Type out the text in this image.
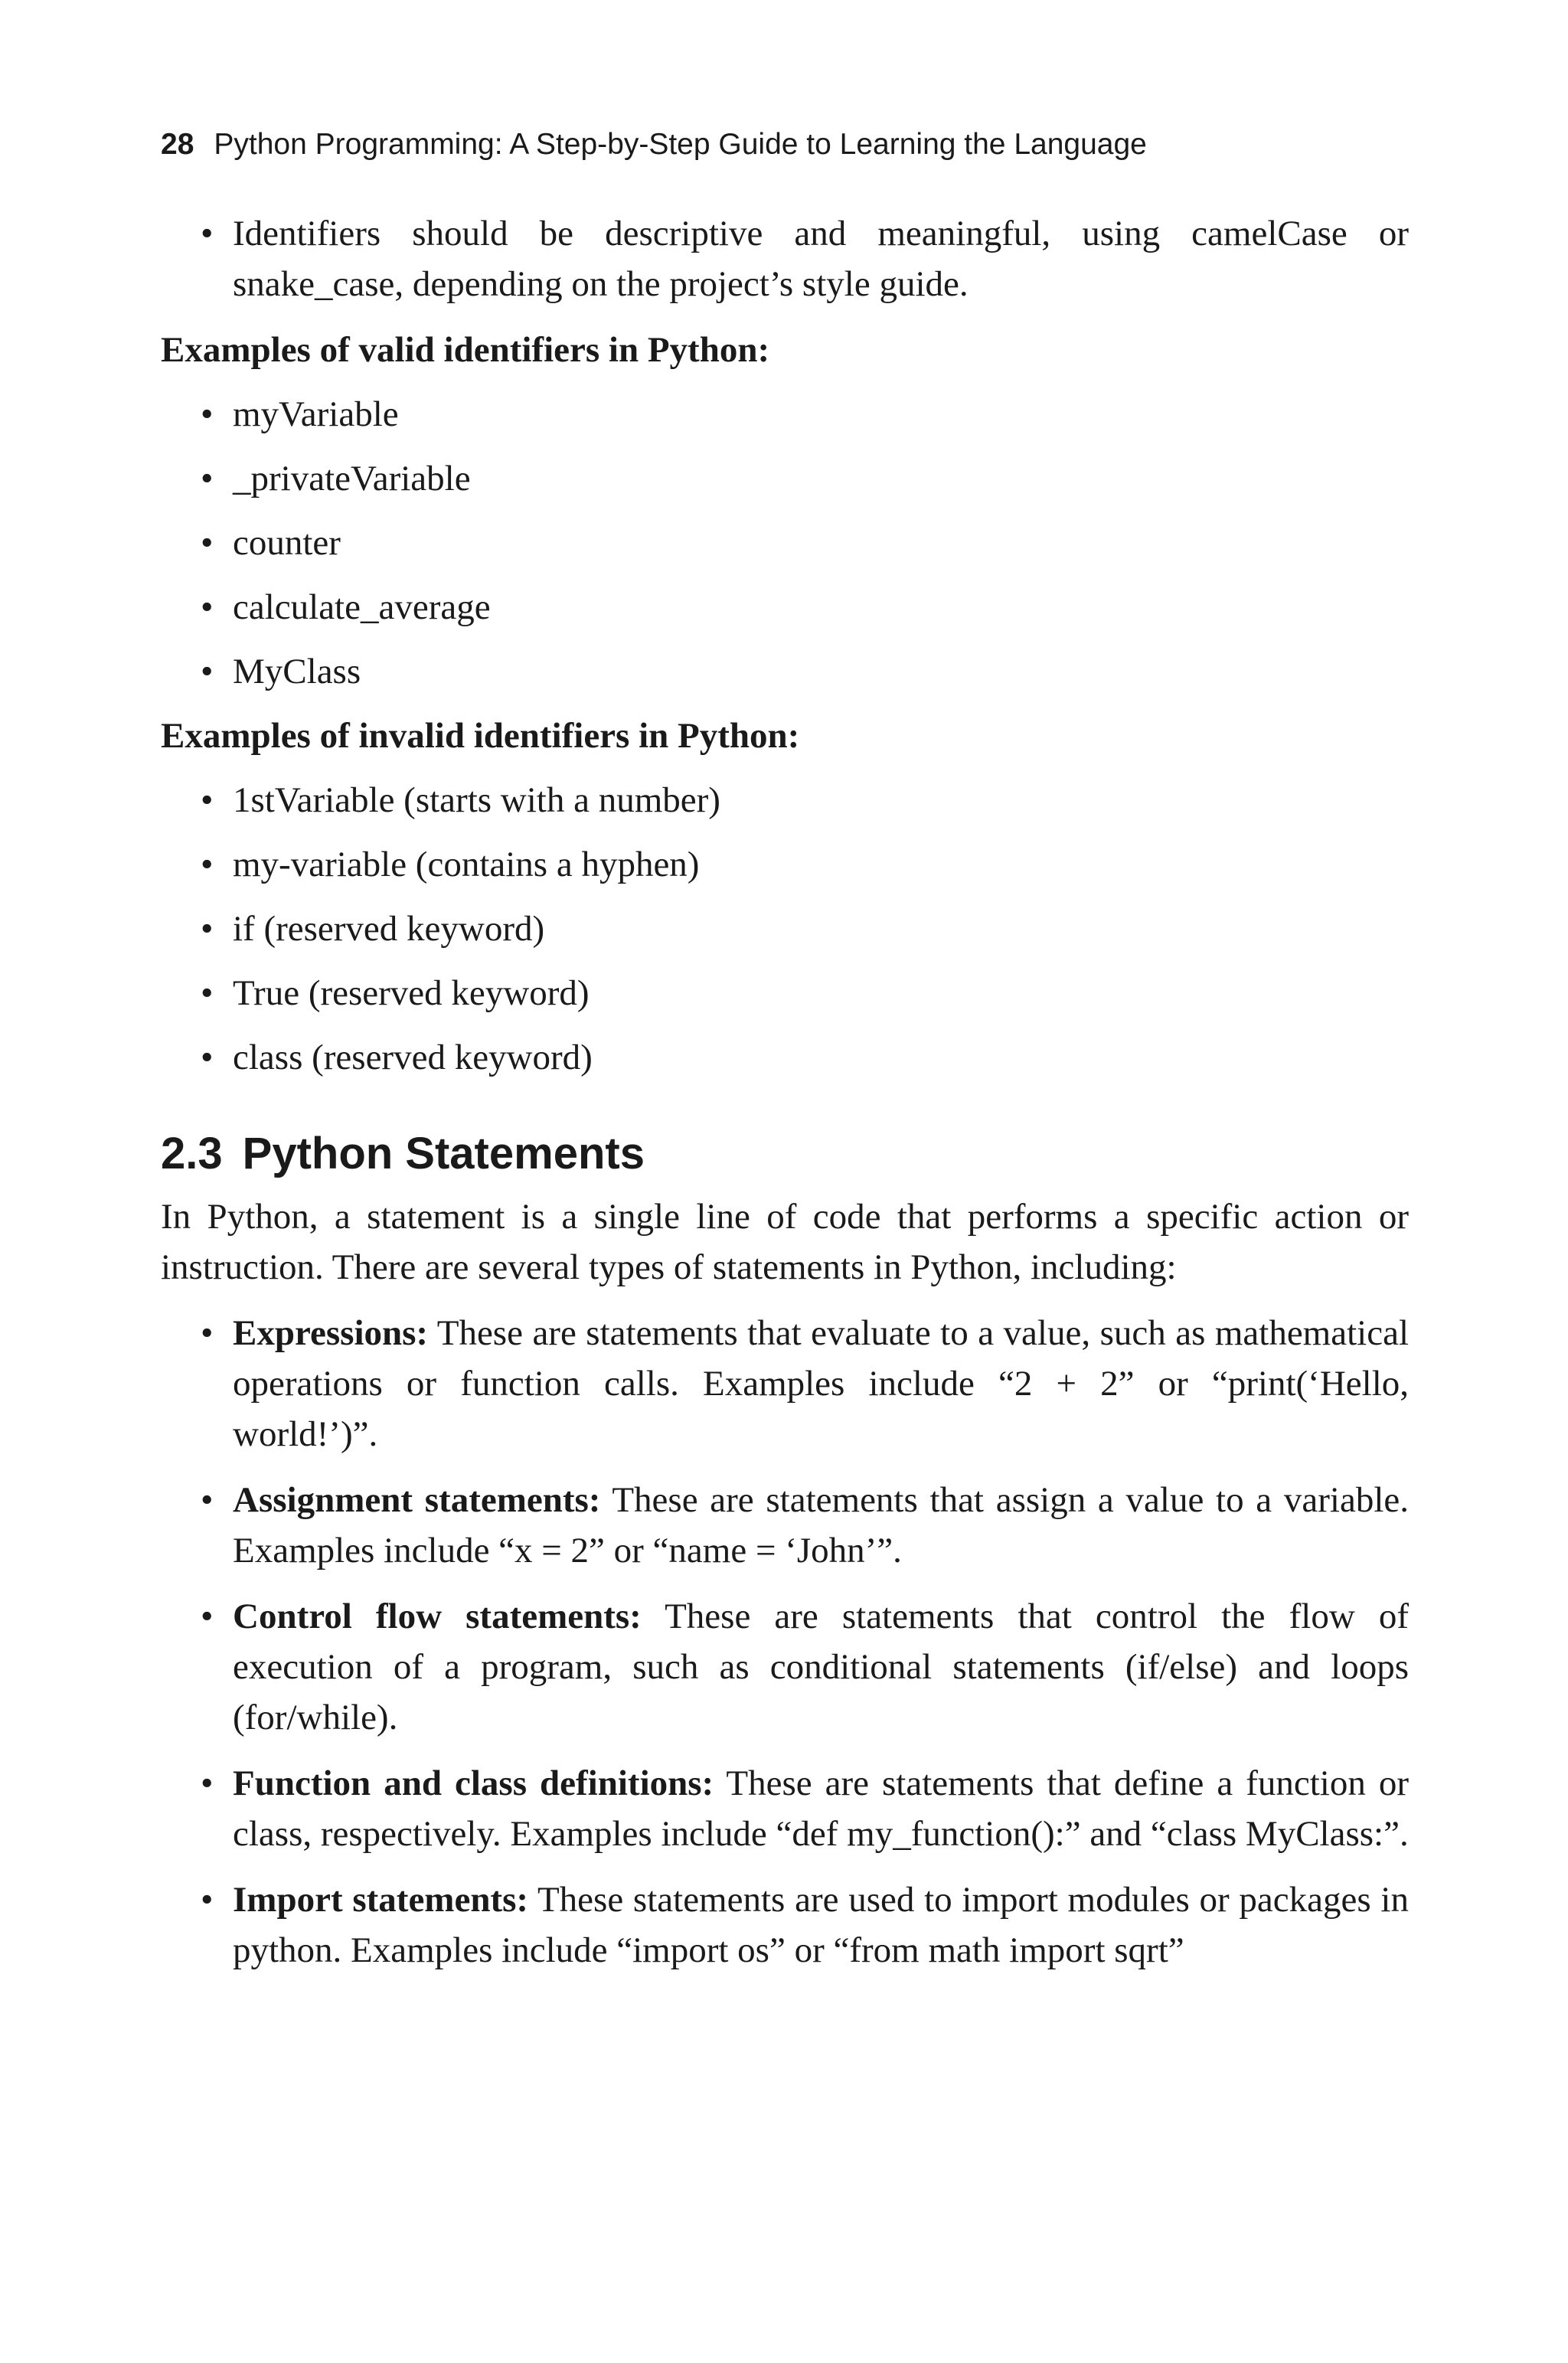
28 Python Programming: A Step-by-Step Guide to Learning the Language
• Identifiers should be descriptive and meaningful, using camelCase or snake_case, depending on the project’s style guide.
Examples of valid identifiers in Python:
• myVariable
• _privateVariable
• counter
• calculate_average
• MyClass
Examples of invalid identifiers in Python:
• 1stVariable (starts with a number)
• my-variable (contains a hyphen)
• if (reserved keyword)
• True (reserved keyword)
• class (reserved keyword)
2.3 Python Statements

In Python, a statement is a single line of code that performs a specific action or instruction. There are several types of statements in Python, including:

• Expressions: These are statements that evaluate to a value, such as mathematical operations or function calls. Examples include “2 + 2” or “print(‘Hello, world!’)”.
• Assignment statements: These are statements that assign a value to a variable. Examples include “x = 2” or “name = ‘John’”.
• Control flow statements: These are statements that control the flow of execution of a program, such as conditional statements (if/else) and loops (for/while).
• Function and class definitions: These are statements that define a function or class, respectively. Examples include “def my_function():” and “class MyClass:”.
• Import statements: These statements are used to import modules or packages in python. Examples include “import os” or “from math import sqrt”
